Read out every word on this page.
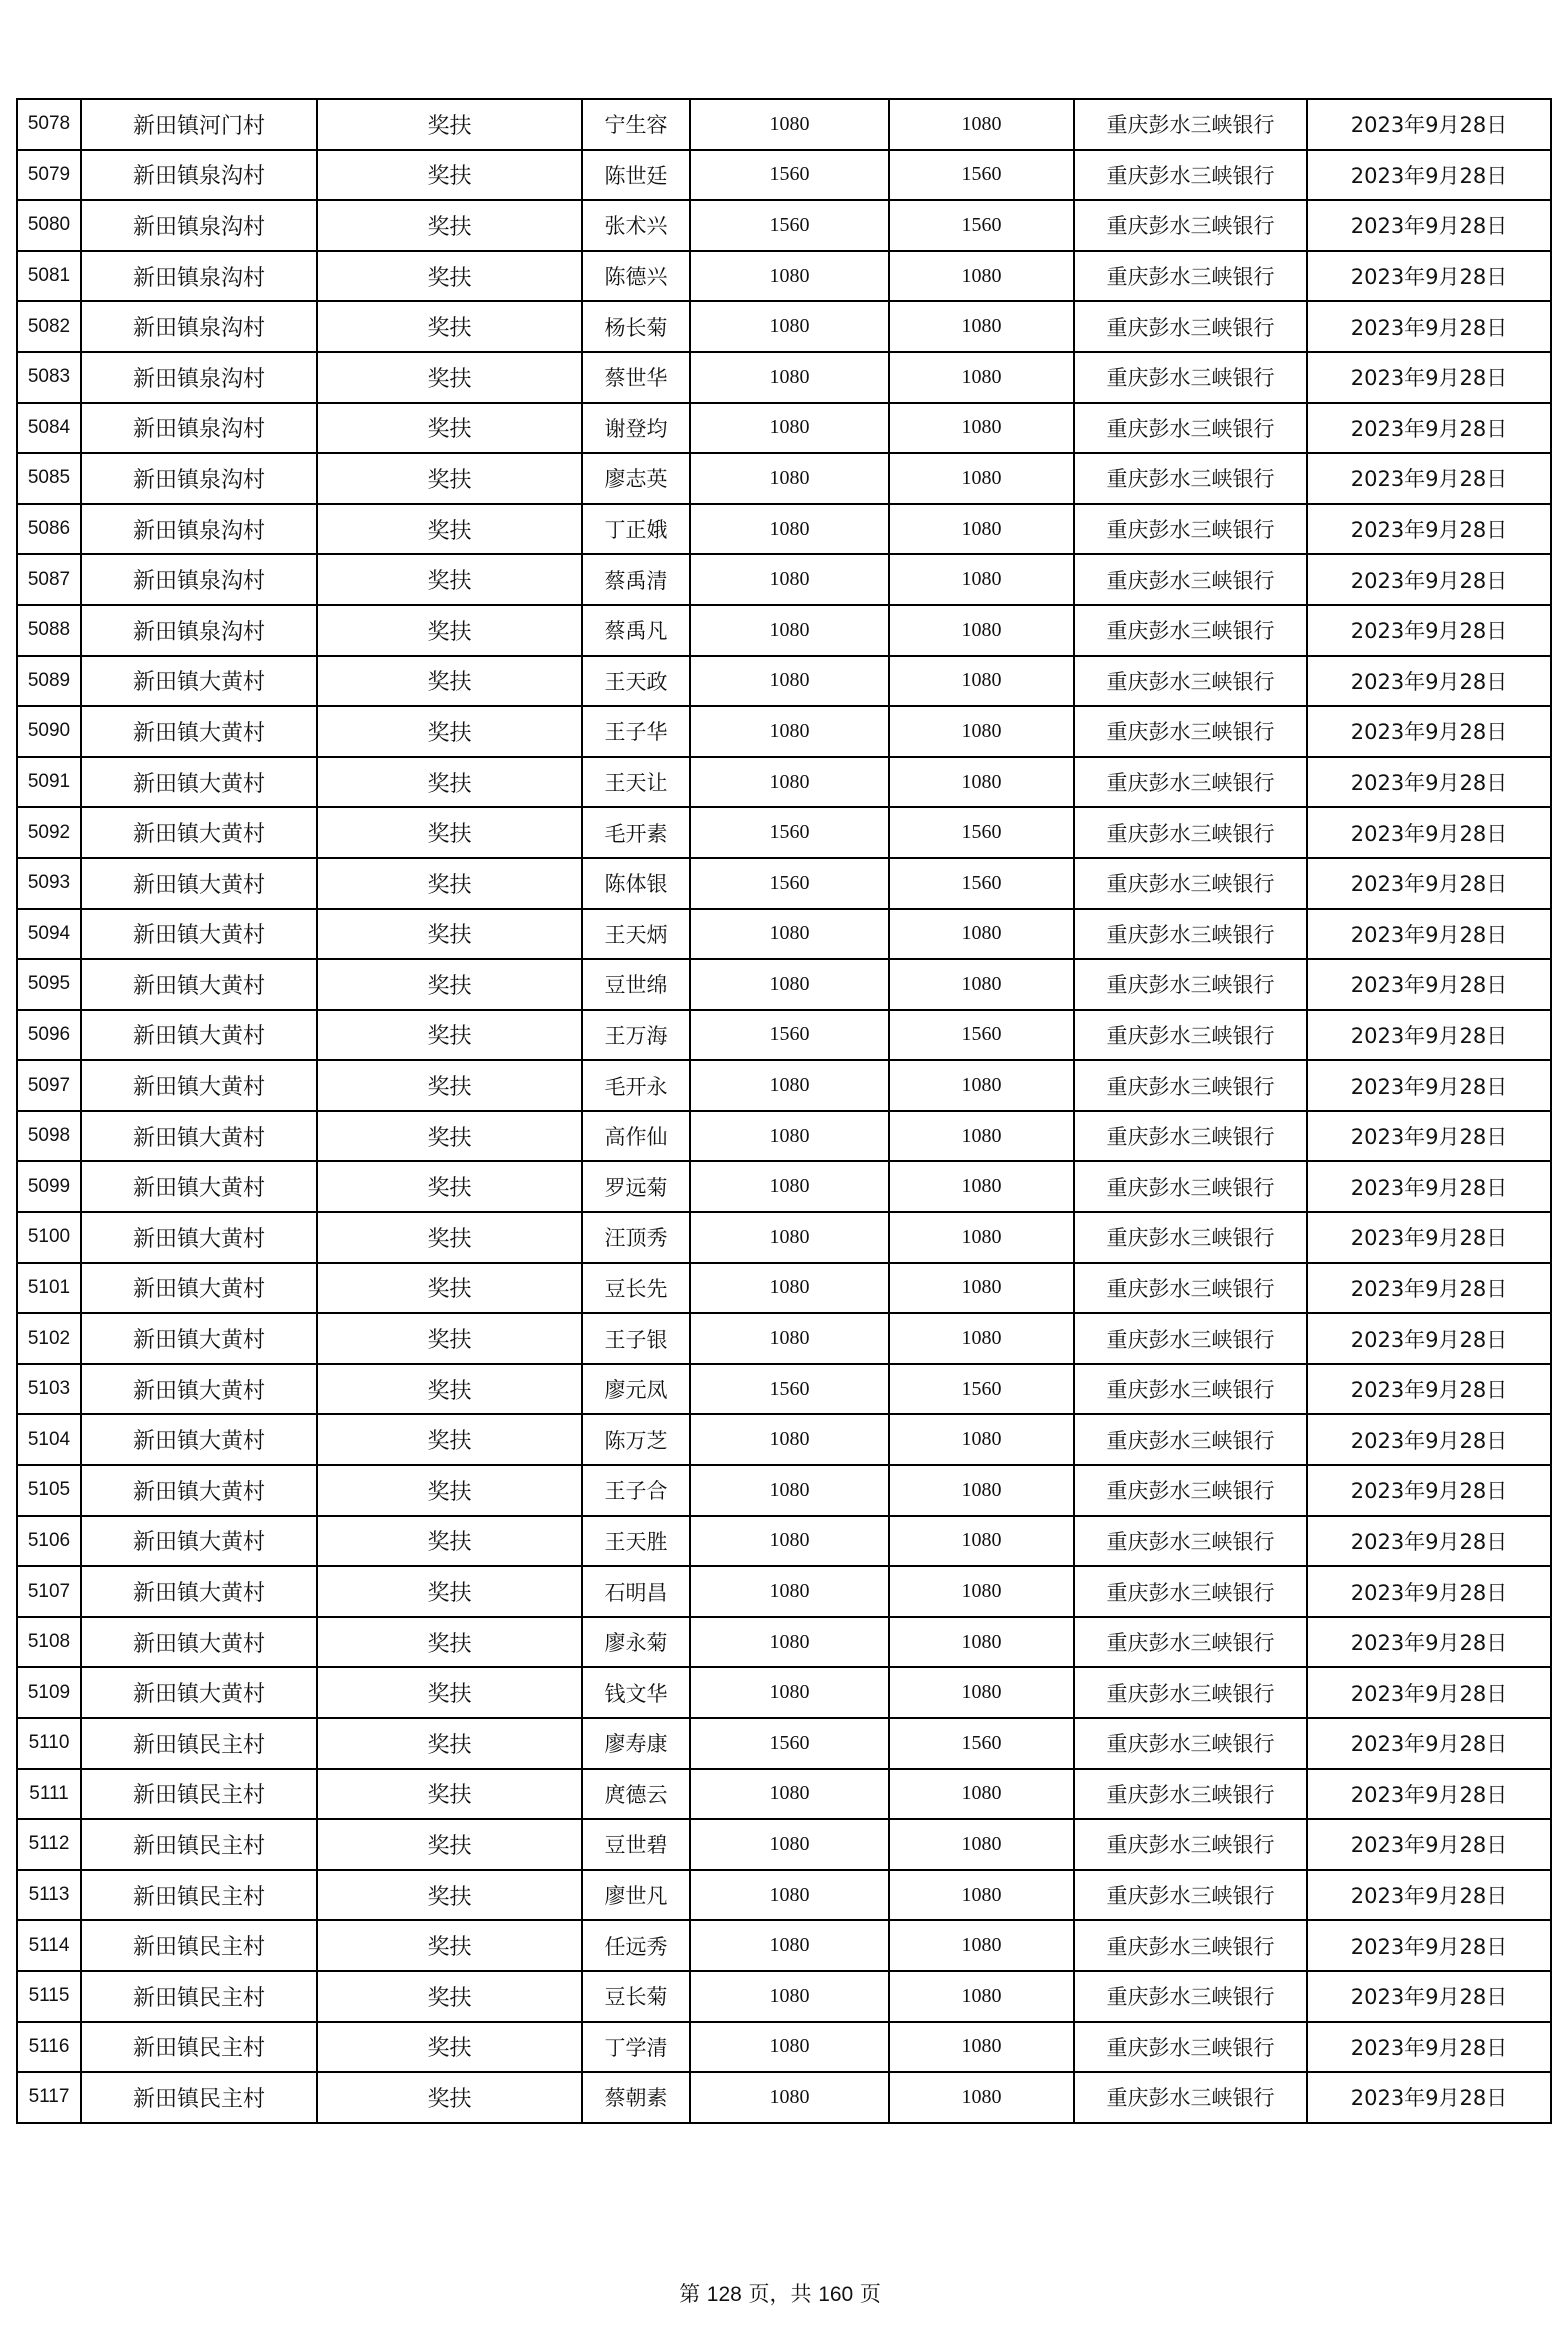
5078	新田镇河门村	奖扶	宁生容	1080	1080	重庆彭水三峡银行	2023年9月28日
5079	新田镇泉沟村	奖扶	陈世廷	1560	1560	重庆彭水三峡银行	2023年9月28日
5080	新田镇泉沟村	奖扶	张术兴	1560	1560	重庆彭水三峡银行	2023年9月28日
5081	新田镇泉沟村	奖扶	陈德兴	1080	1080	重庆彭水三峡银行	2023年9月28日
5082	新田镇泉沟村	奖扶	杨长菊	1080	1080	重庆彭水三峡银行	2023年9月28日
5083	新田镇泉沟村	奖扶	蔡世华	1080	1080	重庆彭水三峡银行	2023年9月28日
5084	新田镇泉沟村	奖扶	谢登均	1080	1080	重庆彭水三峡银行	2023年9月28日
5085	新田镇泉沟村	奖扶	廖志英	1080	1080	重庆彭水三峡银行	2023年9月28日
5086	新田镇泉沟村	奖扶	丁正娥	1080	1080	重庆彭水三峡银行	2023年9月28日
5087	新田镇泉沟村	奖扶	蔡禹清	1080	1080	重庆彭水三峡银行	2023年9月28日
5088	新田镇泉沟村	奖扶	蔡禹凡	1080	1080	重庆彭水三峡银行	2023年9月28日
5089	新田镇大黄村	奖扶	王天政	1080	1080	重庆彭水三峡银行	2023年9月28日
5090	新田镇大黄村	奖扶	王子华	1080	1080	重庆彭水三峡银行	2023年9月28日
5091	新田镇大黄村	奖扶	王天让	1080	1080	重庆彭水三峡银行	2023年9月28日
5092	新田镇大黄村	奖扶	毛开素	1560	1560	重庆彭水三峡银行	2023年9月28日
5093	新田镇大黄村	奖扶	陈体银	1560	1560	重庆彭水三峡银行	2023年9月28日
5094	新田镇大黄村	奖扶	王天炳	1080	1080	重庆彭水三峡银行	2023年9月28日
5095	新田镇大黄村	奖扶	豆世绵	1080	1080	重庆彭水三峡银行	2023年9月28日
5096	新田镇大黄村	奖扶	王万海	1560	1560	重庆彭水三峡银行	2023年9月28日
5097	新田镇大黄村	奖扶	毛开永	1080	1080	重庆彭水三峡银行	2023年9月28日
5098	新田镇大黄村	奖扶	高作仙	1080	1080	重庆彭水三峡银行	2023年9月28日
5099	新田镇大黄村	奖扶	罗远菊	1080	1080	重庆彭水三峡银行	2023年9月28日
5100	新田镇大黄村	奖扶	汪顶秀	1080	1080	重庆彭水三峡银行	2023年9月28日
5101	新田镇大黄村	奖扶	豆长先	1080	1080	重庆彭水三峡银行	2023年9月28日
5102	新田镇大黄村	奖扶	王子银	1080	1080	重庆彭水三峡银行	2023年9月28日
5103	新田镇大黄村	奖扶	廖元凤	1560	1560	重庆彭水三峡银行	2023年9月28日
5104	新田镇大黄村	奖扶	陈万芝	1080	1080	重庆彭水三峡银行	2023年9月28日
5105	新田镇大黄村	奖扶	王子合	1080	1080	重庆彭水三峡银行	2023年9月28日
5106	新田镇大黄村	奖扶	王天胜	1080	1080	重庆彭水三峡银行	2023年9月28日
5107	新田镇大黄村	奖扶	石明昌	1080	1080	重庆彭水三峡银行	2023年9月28日
5108	新田镇大黄村	奖扶	廖永菊	1080	1080	重庆彭水三峡银行	2023年9月28日
5109	新田镇大黄村	奖扶	钱文华	1080	1080	重庆彭水三峡银行	2023年9月28日
5110	新田镇民主村	奖扶	廖寿康	1560	1560	重庆彭水三峡银行	2023年9月28日
5111	新田镇民主村	奖扶	庹德云	1080	1080	重庆彭水三峡银行	2023年9月28日
5112	新田镇民主村	奖扶	豆世碧	1080	1080	重庆彭水三峡银行	2023年9月28日
5113	新田镇民主村	奖扶	廖世凡	1080	1080	重庆彭水三峡银行	2023年9月28日
5114	新田镇民主村	奖扶	任远秀	1080	1080	重庆彭水三峡银行	2023年9月28日
5115	新田镇民主村	奖扶	豆长菊	1080	1080	重庆彭水三峡银行	2023年9月28日
5116	新田镇民主村	奖扶	丁学清	1080	1080	重庆彭水三峡银行	2023年9月28日
5117	新田镇民主村	奖扶	蔡朝素	1080	1080	重庆彭水三峡银行	2023年9月28日
第 128 页，共 160 页
